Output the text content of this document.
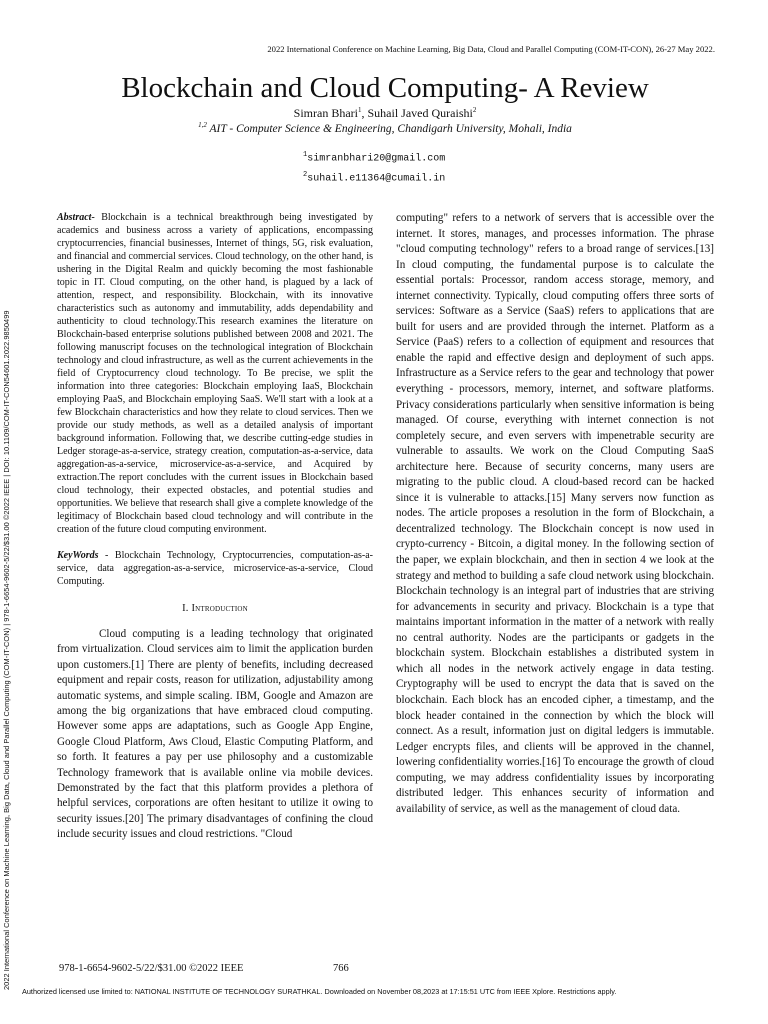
2022 International Conference on Machine Learning, Big Data, Cloud and Parallel Computing (COM-IT-CON), 26-27 May 2022.
2022 International Conference on Machine Learning, Big Data, Cloud and Parallel Computing (COM-IT-CON) | 978-1-6654-9602-5/22/$31.00 ©2022 IEEE | DOI: 10.1109/COM-IT-CON54601.2022.9850499
Blockchain and Cloud Computing- A Review
Simran Bhari$^1$, Suhail Javed Quraishi$^2$
$^{1,2}$ AIT - Computer Science & Engineering, Chandigarh University, Mohali, India
$^1$simranbhari20@gmail.com
$^2$suhail.e11364@cumail.in

Abstract- Blockchain is a technical breakthrough being investigated by academics and business across a variety of applications, encompassing cryptocurrencies, financial businesses, Internet of things, 5G, risk evaluation, and financial and commercial services. Cloud technology, on the other hand, is ushering in the Digital Realm and quickly becoming the most fashionable topic in IT. Cloud computing, on the other hand, is plagued by a lack of attention, respect, and responsibility. Blockchain, with its innovative characteristics such as autonomy and immutability, adds dependability and authenticity to cloud technology.This research examines the literature on Blockchain-based enterprise solutions published between 2008 and 2021. The following manuscript focuses on the technological integration of Blockchain technology and cloud infrastructure, as well as the current achievements in the field of Cryptocurrency cloud technology. To Be precise, we split the information into three categories: Blockchain employing IaaS, Blockchain employing PaaS, and Blockchain employing SaaS. We'll start with a look at a few Blockchain characteristics and how they relate to cloud services. Then we provide our study methods, as well as a detailed analysis of important background information. Following that, we describe cutting-edge studies in Ledger storage-as-a-service, strategy creation, computation-as-a-service, data aggregation-as-a-service, microservice-as-a-service, and Acquired by extraction.The report concludes with the current issues in Blockchain based cloud technology, their expected obstacles, and potential studies and opportunities. We believe that research shall give a complete knowledge of the legitimacy of Blockchain based cloud technology and will contribute in the creation of the future cloud computing environment.

KeyWords - Blockchain Technology, Cryptocurrencies, computation-as-a-service, data aggregation-as-a-service, microservice-as-a-service, Cloud Computing.

I. Introduction

Cloud computing is a leading technology that originated from virtualization. Cloud services aim to limit the application burden upon customers.[1] There are plenty of benefits, including decreased equipment and repair costs, reason for utilization, adjustability among automatic systems, and simple scaling. IBM, Google and Amazon are among the big organizations that have embraced cloud computing. However some apps are adaptations, such as Google App Engine, Google Cloud Platform, Aws Cloud, Elastic Computing Platform, and so forth. It features a pay per use philosophy and a customizable Technology framework that is available online via mobile devices. Demonstrated by the fact that this platform provides a plethora of helpful services, corporations are often hesitant to utilize it owing to security issues.[20] The primary disadvantages of confining the cloud include security issues and cloud restrictions. "Cloud

computing" refers to a network of servers that is accessible over the internet. It stores, manages, and processes information. The phrase "cloud computing technology" refers to a broad range of services.[13] In cloud computing, the fundamental purpose is to calculate the essential portals: Processor, random access storage, memory, and internet connectivity. Typically, cloud computing offers three sorts of services: Software as a Service (SaaS) refers to applications that are built for users and are provided through the internet. Platform as a Service (PaaS) refers to a collection of equipment and resources that enable the rapid and effective design and deployment of such apps. Infrastructure as a Service refers to the gear and technology that power everything - processors, memory, internet, and software platforms. Privacy considerations particularly when sensitive information is being managed. Of course, everything with internet connection is not completely secure, and even servers with impenetrable security are vulnerable to assaults. We work on the Cloud Computing SaaS architecture here. Because of security concerns, many users are migrating to the public cloud. A cloud-based record can be hacked since it is vulnerable to attacks.[15] Many servers now function as nodes. The article proposes a resolution in the form of Blockchain, a decentralized technology. The Blockchain concept is now used in crypto-currency - Bitcoin, a digital money. In the following section of the paper, we explain blockchain, and then in section 4 we look at the strategy and method to building a safe cloud network using blockchain. Blockchain technology is an integral part of industries that are striving for advancements in security and privacy. Blockchain is a type that maintains important information in the matter of a network with really no central authority. Nodes are the participants or gadgets in the blockchain system. Blockchain establishes a distributed system in which all nodes in the network actively engage in data testing. Cryptography will be used to encrypt the data that is saved on the blockchain. Each block has an encoded cipher, a timestamp, and the block header contained in the connection by which the block will connect. As a result, information just on digital ledgers is immutable. Ledger encrypts files, and clients will be approved in the channel, lowering confidentiality worries.[16] To encourage the growth of cloud computing, we may address confidentiality issues by incorporating distributed ledger. This enhances security of information and availability of service, as well as the management of cloud data.

978-1-6654-9602-5/22/$31.00 ©2022 IEEE	766
Authorized licensed use limited to: NATIONAL INSTITUTE OF TECHNOLOGY SURATHKAL. Downloaded on November 08,2023 at 17:15:51 UTC from IEEE Xplore. Restrictions apply.
